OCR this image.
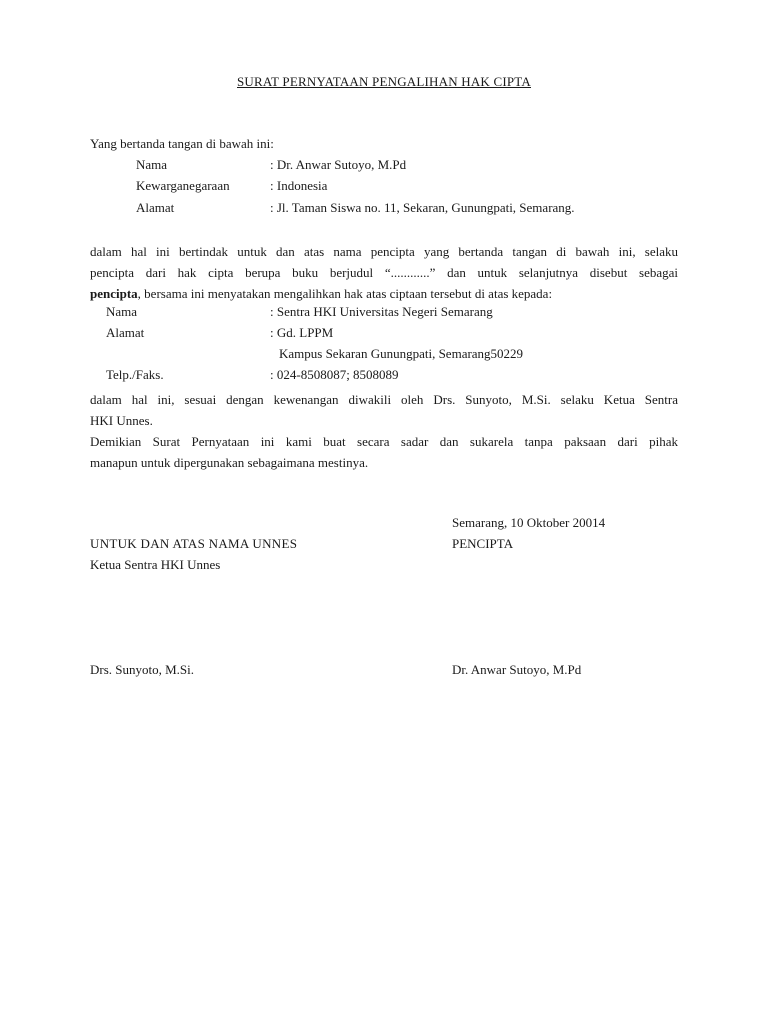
SURAT PERNYATAAN PENGALIHAN HAK CIPTA
Yang bertanda tangan di bawah ini:
Nama	: Dr. Anwar Sutoyo, M.Pd
Kewarganegaraan	: Indonesia
Alamat	: Jl. Taman Siswa no. 11, Sekaran, Gunungpati, Semarang.
dalam hal ini bertindak untuk dan atas nama pencipta yang bertanda tangan di bawah ini, selaku
pencipta dari hak cipta berupa buku berjudul “............” dan untuk selanjutnya disebut sebagai
pencipta, bersama ini menyatakan mengalihkan hak atas ciptaan tersebut di atas kepada:
Nama	: Sentra HKI Universitas Negeri Semarang
Alamat	: Gd. LPPM
Kampus Sekaran Gunungpati, Semarang50229
Telp./Faks.	: 024-8508087; 8508089
dalam hal ini, sesuai dengan kewenangan diwakili oleh Drs. Sunyoto, M.Si. selaku Ketua Sentra
HKI Unnes.
Demikian Surat Pernyataan ini kami buat secara sadar dan sukarela tanpa paksaan dari pihak
manapun untuk dipergunakan sebagaimana mestinya.
Semarang, 10 Oktober 20014
UNTUK DAN ATAS NAMA UNNES	PENCIPTA
Ketua Sentra HKI Unnes
Drs. Sunyoto, M.Si.	Dr. Anwar Sutoyo, M.Pd
